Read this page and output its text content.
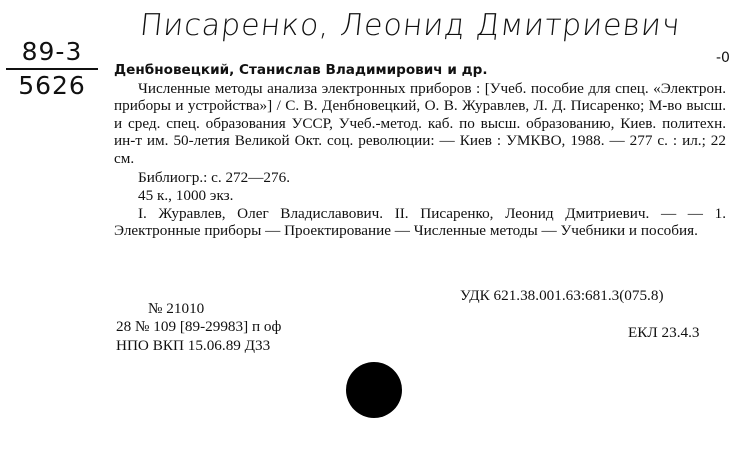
Писаренко, Леонид Дмитриевич
89-3
5626
-0
Денбновецкий, Станислав Владимирович и др.

Численные методы анализа электронных приборов : [Учеб. пособие для спец. «Электрон. приборы и устройства»] / С. В. Денбновецкий, О. В. Журавлев, Л. Д. Писаренко; М-во высш. и сред. спец. образования УССР, Учеб.-метод. каб. по высш. образованию, Киев. политехн. ин-т им. 50-летия Великой Окт. соц. революции: — Киев : УМКВО, 1988. — 277 с. : ил.; 22 см.

Библиогр.: с. 272—276.

45 к., 1000 экз.

I. Журавлев, Олег Владиславович. II. Писаренко, Леонид Дмитриевич. — — 1. Электронные приборы — Проектирование — Численные методы — Учебники и пособия.

УДК 621.38.001.63:681.3(075.8)
№ 21010
28 № 109 [89-29983] п оф	ЕКЛ 23.4.3
НПО ВКП 15.06.89 Д33
